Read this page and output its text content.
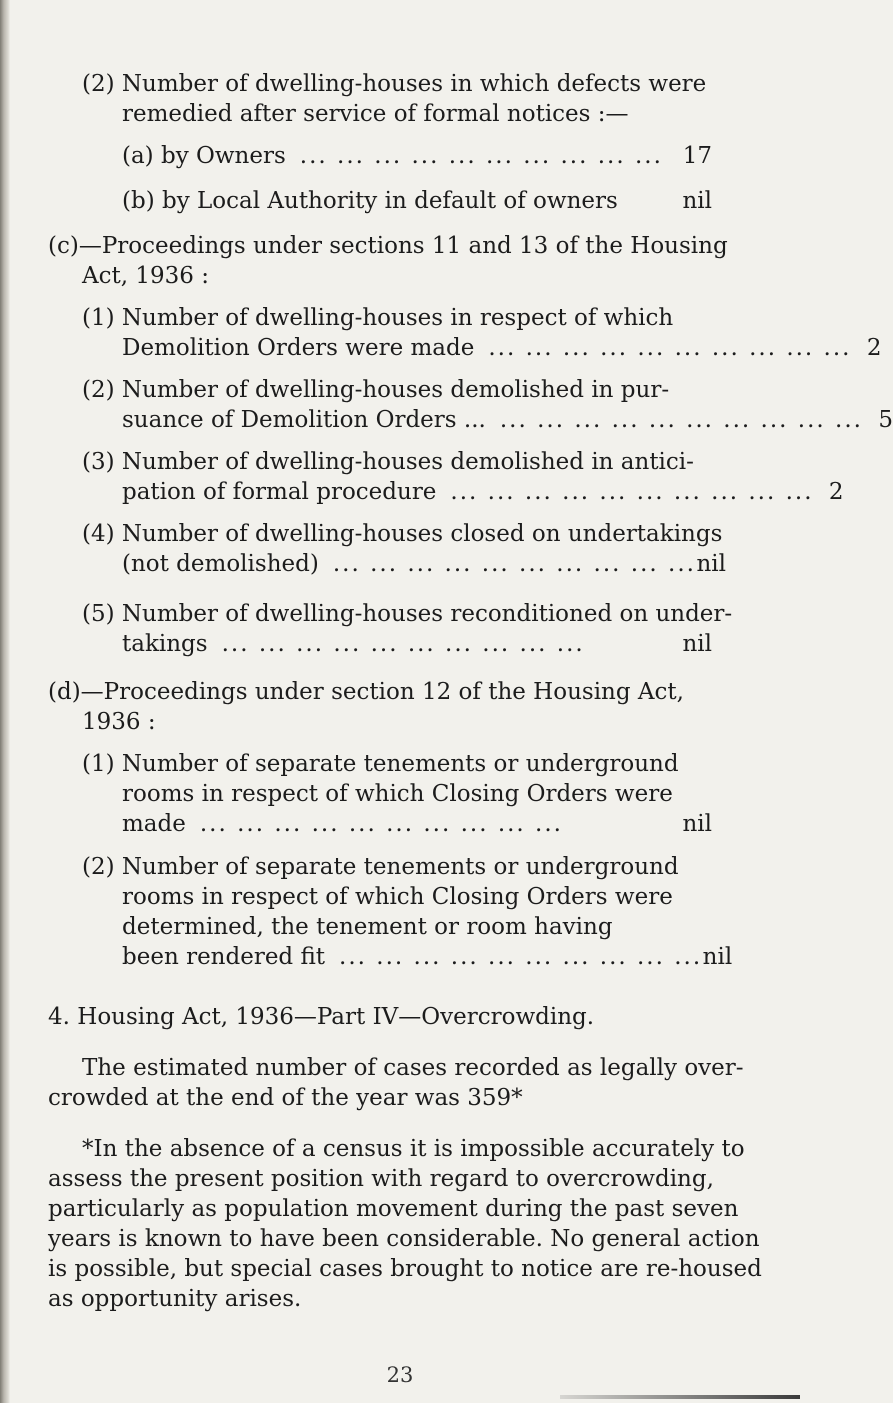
(2) Number of dwelling-houses in which defects were
remedied after service of formal notices :—
(a) by Owners ... ... ... ... ... ... ... ... ... ... 17
(b) by Local Authority in default of owners	nil
(c)—Proceedings under sections 11 and 13 of the Housing
Act, 1936 :
(1) Number of dwelling-houses in respect of which
Demolition Orders were made ... ... ... ... ... ... ... ... ... ... 2
(2) Number of dwelling-houses demolished in pur-
suance of Demolition Orders ... ... ... ... ... ... ... ... ... ... ... 5
(3) Number of dwelling-houses demolished in antici-
pation of formal procedure ... ... ... ... ... ... ... ... ... ... 2
(4) Number of dwelling-houses closed on undertakings
(not demolished) ... ... ... ... ... ... ... ... ... ... nil
(5) Number of dwelling-houses reconditioned on under-
takings ... ... ... ... ... ... ... ... ... ...	nil
(d)—Proceedings under section 12 of the Housing Act,
1936 :
(1) Number of separate tenements or underground
rooms in respect of which Closing Orders were
made ... ... ... ... ... ... ... ... ... ...	nil
(2) Number of separate tenements or underground
rooms in respect of which Closing Orders were
determined, the tenement or room having
been rendered fit ... ... ... ... ... ... ... ... ... ... nil
4. Housing Act, 1936—Part IV—Overcrowding.
The estimated number of cases recorded as legally over-
crowded at the end of the year was 359*
*In the absence of a census it is impossible accurately to
assess the present position with regard to overcrowding,
particularly as population movement during the past seven
years is known to have been considerable. No general action
is possible, but special cases brought to notice are re-housed
as opportunity arises.
23
